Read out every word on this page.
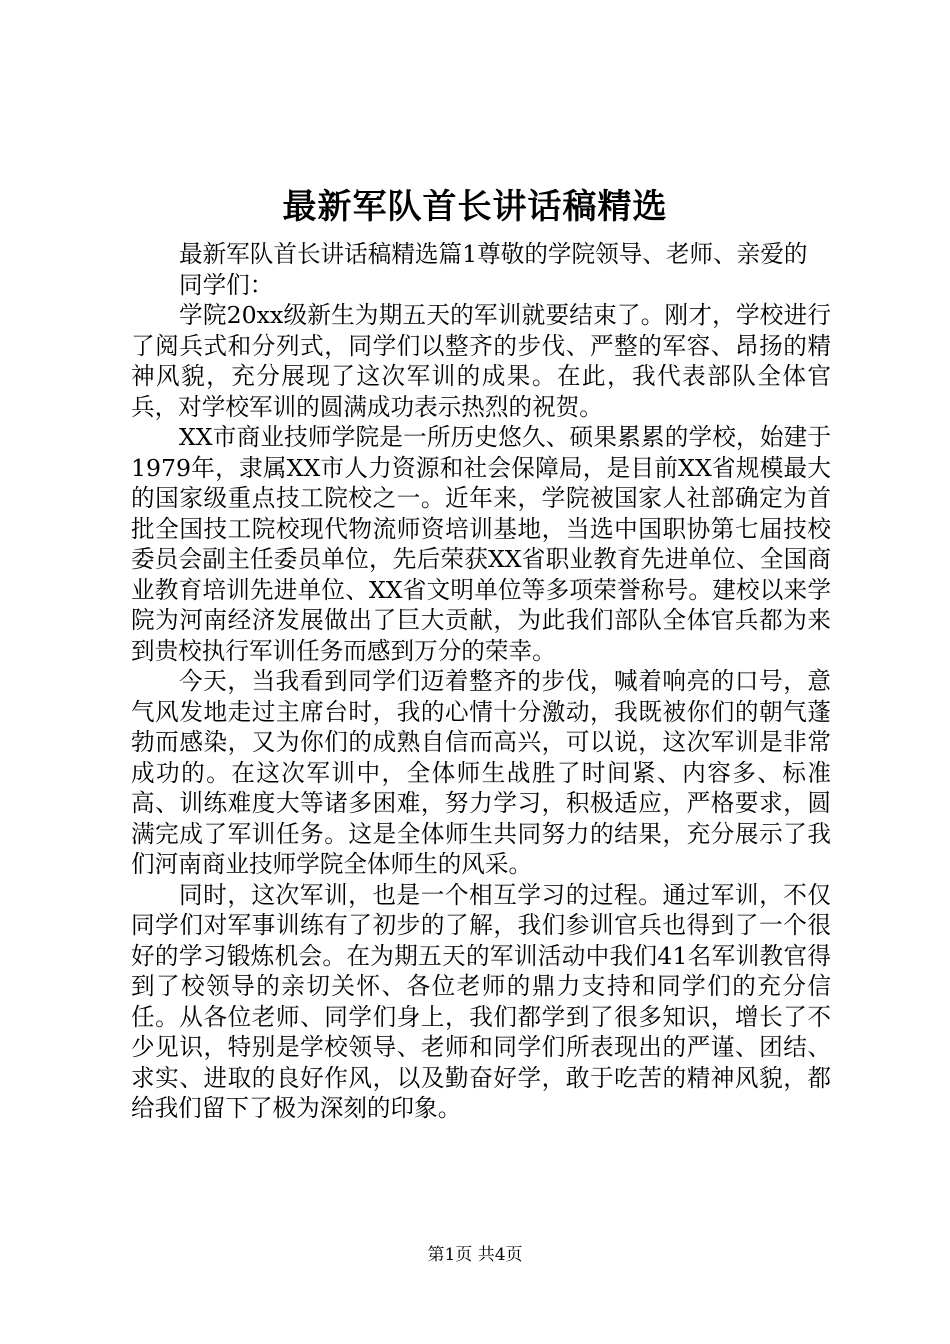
最新军队首长讲话稿精选

最新军队首长讲话稿精选篇1尊敬的学院领导、老师、亲爱的

同学们：

学院20xx级新生为期五天的军训就要结束了。刚才，学校进行了阅兵式和分列式，同学们以整齐的步伐、严整的军容、昂扬的精神风貌，充分展现了这次军训的成果。在此，我代表部队全体官兵，对学校军训的圆满成功表示热烈的祝贺。

XX市商业技师学院是一所历史悠久、硕果累累的学校，始建于1979年，隶属XX市人力资源和社会保障局，是目前XX省规模最大的国家级重点技工院校之一。近年来，学院被国家人社部确定为首批全国技工院校现代物流师资培训基地，当选中国职协第七届技校委员会副主任委员单位，先后荣获XX省职业教育先进单位、全国商业教育培训先进单位、XX省文明单位等多项荣誉称号。建校以来学院为河南经济发展做出了巨大贡献，为此我们部队全体官兵都为来到贵校执行军训任务而感到万分的荣幸。

今天，当我看到同学们迈着整齐的步伐，喊着响亮的口号，意气风发地走过主席台时，我的心情十分激动，我既被你们的朝气蓬勃而感染，又为你们的成熟自信而高兴，可以说，这次军训是非常成功的。在这次军训中，全体师生战胜了时间紧、内容多、标准高、训练难度大等诸多困难，努力学习，积极适应，严格要求，圆满完成了军训任务。这是全体师生共同努力的结果，充分展示了我们河南商业技师学院全体师生的风采。

同时，这次军训，也是一个相互学习的过程。通过军训，不仅同学们对军事训练有了初步的了解，我们参训官兵也得到了一个很好的学习锻炼机会。在为期五天的军训活动中我们41名军训教官得到了校领导的亲切关怀、各位老师的鼎力支持和同学们的充分信任。从各位老师、同学们身上，我们都学到了很多知识，增长了不少见识，特别是学校领导、老师和同学们所表现出的严谨、团结、求实、进取的良好作风，以及勤奋好学，敢于吃苦的精神风貌，都给我们留下了极为深刻的印象。

第1页 共4页
